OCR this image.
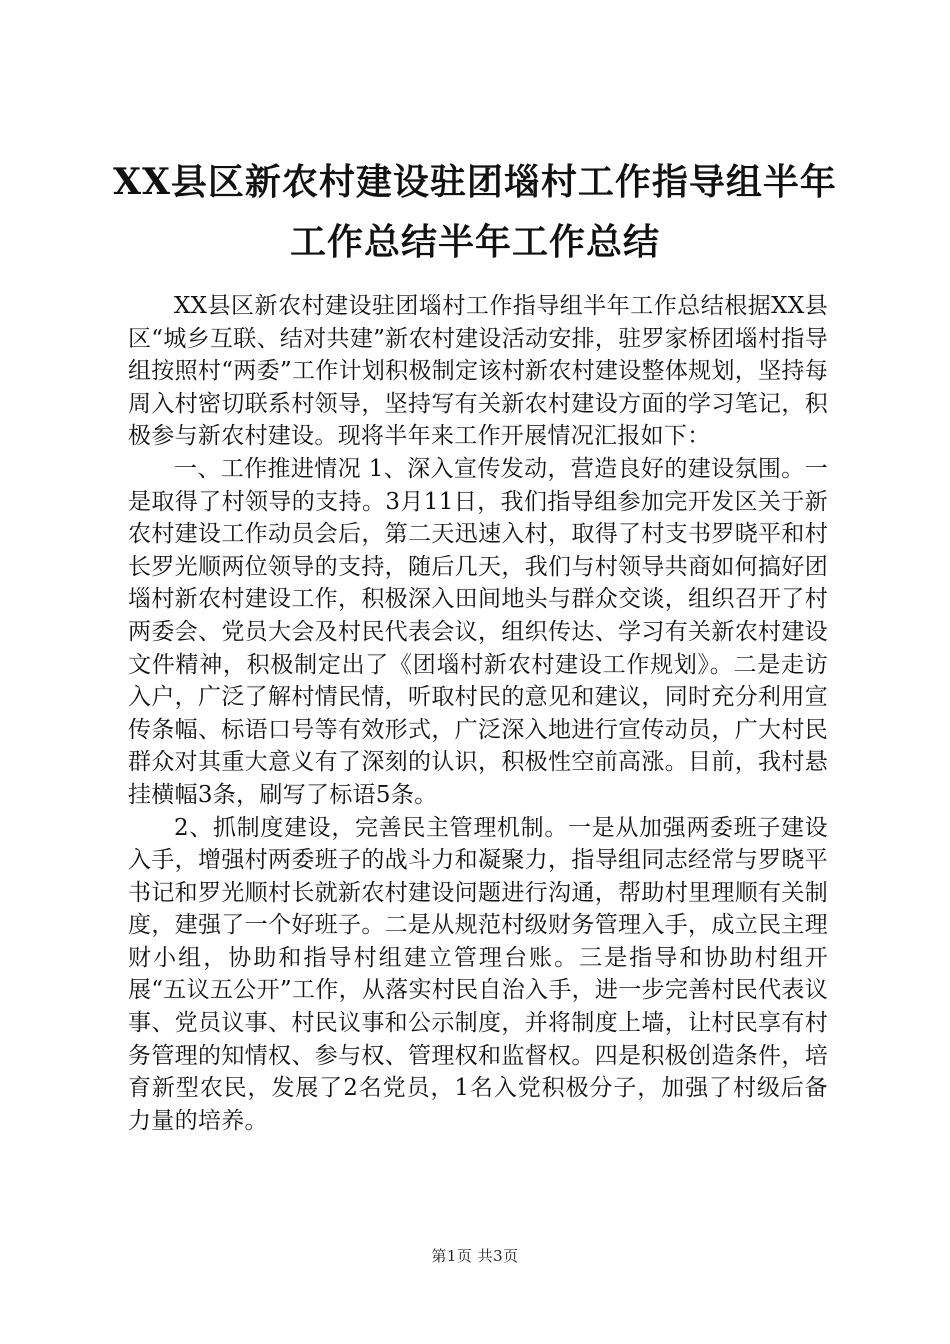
XX县区新农村建设驻团堖村工作指导组半年
工作总结半年工作总结

XX县区新农村建设驻团堖村工作指导组半年工作总结根据XX县区“城乡互联、结对共建”新农村建设活动安排，驻罗家桥团堖村指导组按照村“两委”工作计划积极制定该村新农村建设整体规划，坚持每周入村密切联系村领导，坚持写有关新农村建设方面的学习笔记，积极参与新农村建设。现将半年来工作开展情况汇报如下：

一、工作推进情况 1、深入宣传发动，营造良好的建设氛围。一是取得了村领导的支持。3月11日，我们指导组参加完开发区关于新农村建设工作动员会后，第二天迅速入村，取得了村支书罗晓平和村长罗光顺两位领导的支持，随后几天，我们与村领导共商如何搞好团堖村新农村建设工作，积极深入田间地头与群众交谈，组织召开了村两委会、党员大会及村民代表会议，组织传达、学习有关新农村建设文件精神，积极制定出了《团堖村新农村建设工作规划》。二是走访入户，广泛了解村情民情，听取村民的意见和建议，同时充分利用宣传条幅、标语口号等有效形式，广泛深入地进行宣传动员，广大村民群众对其重大意义有了深刻的认识，积极性空前高涨。目前，我村悬挂横幅3条，刷写了标语5条。

2、抓制度建设，完善民主管理机制。一是从加强两委班子建设入手，增强村两委班子的战斗力和凝聚力，指导组同志经常与罗晓平书记和罗光顺村长就新农村建设问题进行沟通，帮助村里理顺有关制度，建强了一个好班子。二是从规范村级财务管理入手，成立民主理财小组，协助和指导村组建立管理台账。三是指导和协助村组开展“五议五公开”工作，从落实村民自治入手，进一步完善村民代表议事、党员议事、村民议事和公示制度，并将制度上墙，让村民享有村务管理的知情权、参与权、管理权和监督权。四是积极创造条件，培育新型农民，发展了2名党员，1名入党积极分子，加强了村级后备力量的培养。

第1页 共3页
